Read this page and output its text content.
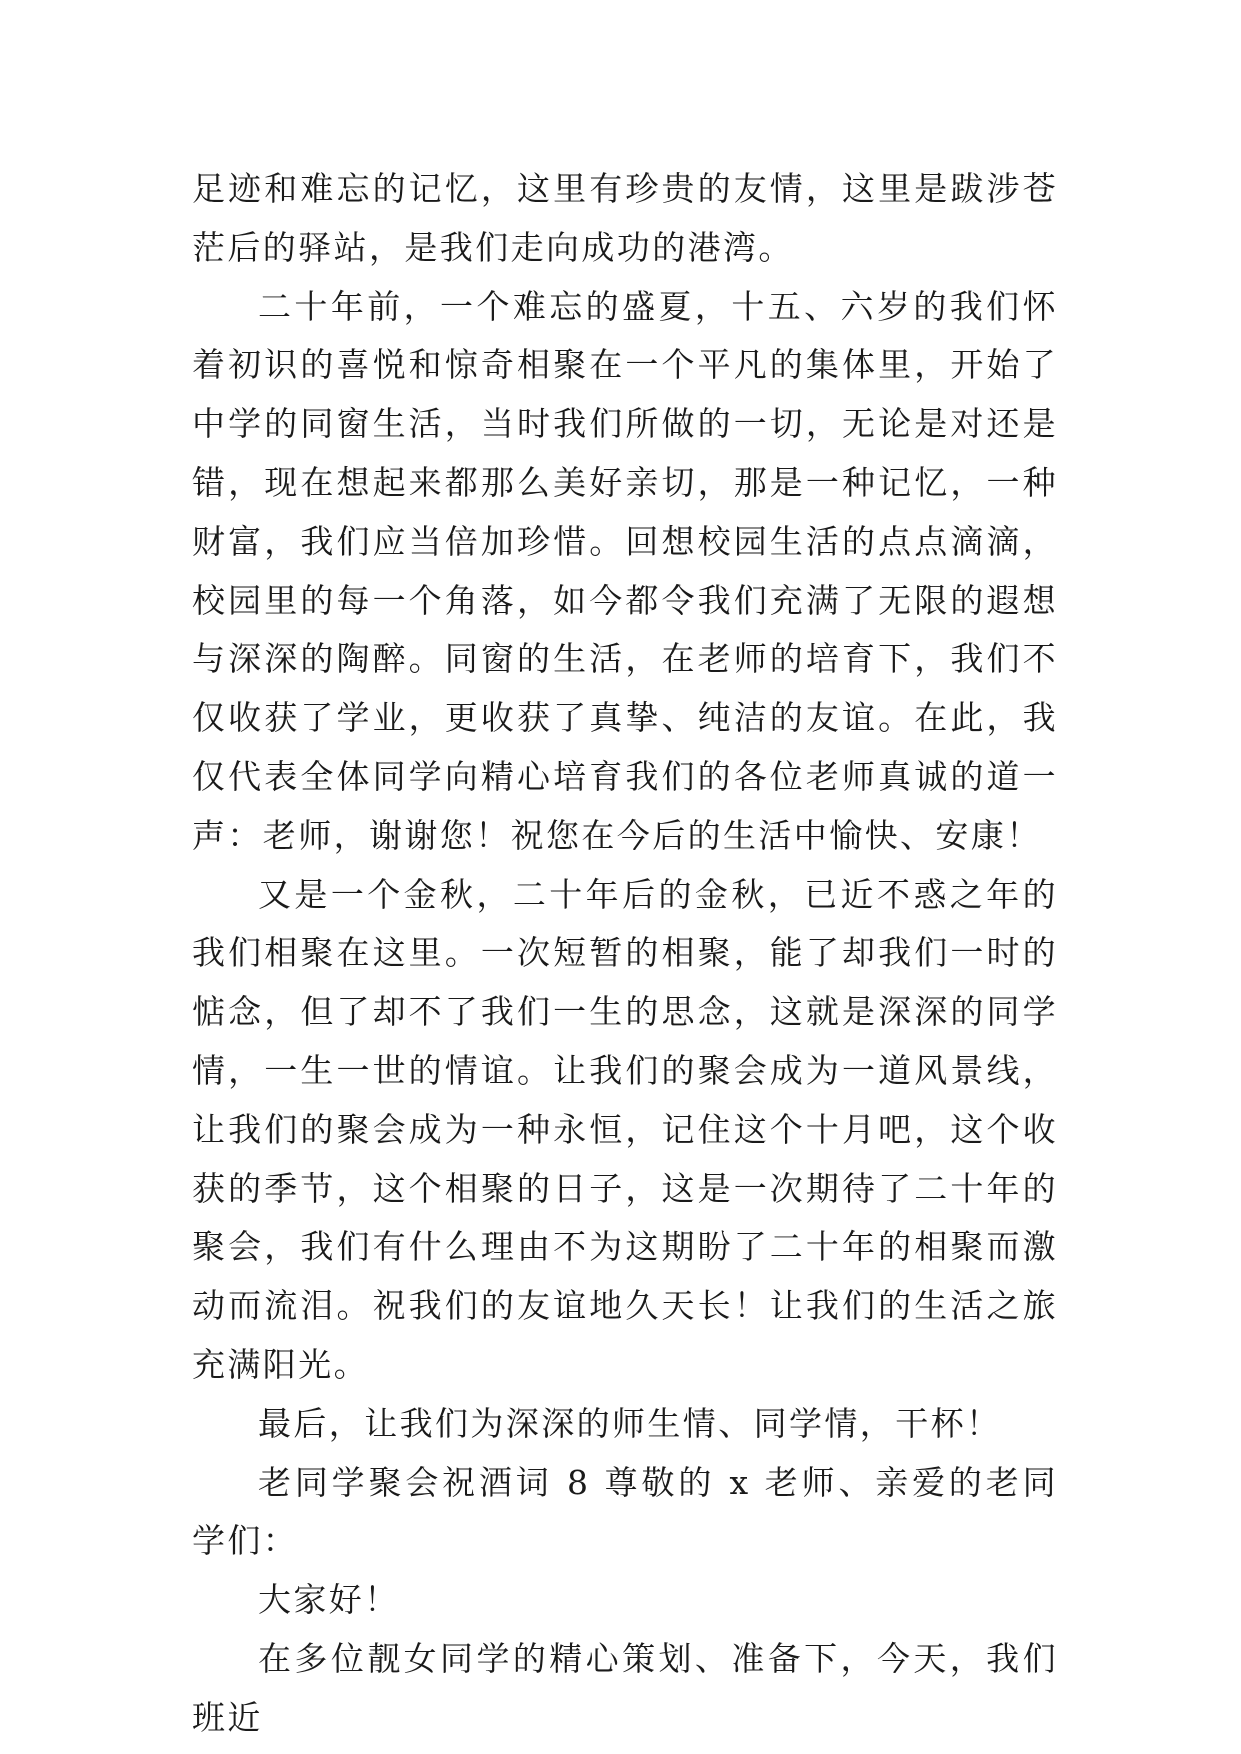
足迹和难忘的记忆，这里有珍贵的友情，这里是跋涉苍茫后的驿站，是我们走向成功的港湾。

二十年前，一个难忘的盛夏，十五、六岁的我们怀着初识的喜悦和惊奇相聚在一个平凡的集体里，开始了中学的同窗生活，当时我们所做的一切，无论是对还是错，现在想起来都那么美好亲切，那是一种记忆，一种财富，我们应当倍加珍惜。回想校园生活的点点滴滴，校园里的每一个角落，如今都令我们充满了无限的遐想与深深的陶醉。同窗的生活，在老师的培育下，我们不仅收获了学业，更收获了真挚、纯洁的友谊。在此，我仅代表全体同学向精心培育我们的各位老师真诚的道一声：老师，谢谢您！祝您在今后的生活中愉快、安康！

又是一个金秋，二十年后的金秋，已近不惑之年的我们相聚在这里。一次短暂的相聚，能了却我们一时的惦念，但了却不了我们一生的思念，这就是深深的同学情，一生一世的情谊。让我们的聚会成为一道风景线，让我们的聚会成为一种永恒，记住这个十月吧，这个收获的季节，这个相聚的日子，这是一次期待了二十年的聚会，我们有什么理由不为这期盼了二十年的相聚而激动而流泪。祝我们的友谊地久天长！让我们的生活之旅充满阳光。

最后，让我们为深深的师生情、同学情，干杯！

老同学聚会祝酒词 8 尊敬的 x 老师、亲爱的老同学们：

大家好！

在多位靓女同学的精心策划、准备下，今天，我们班近
